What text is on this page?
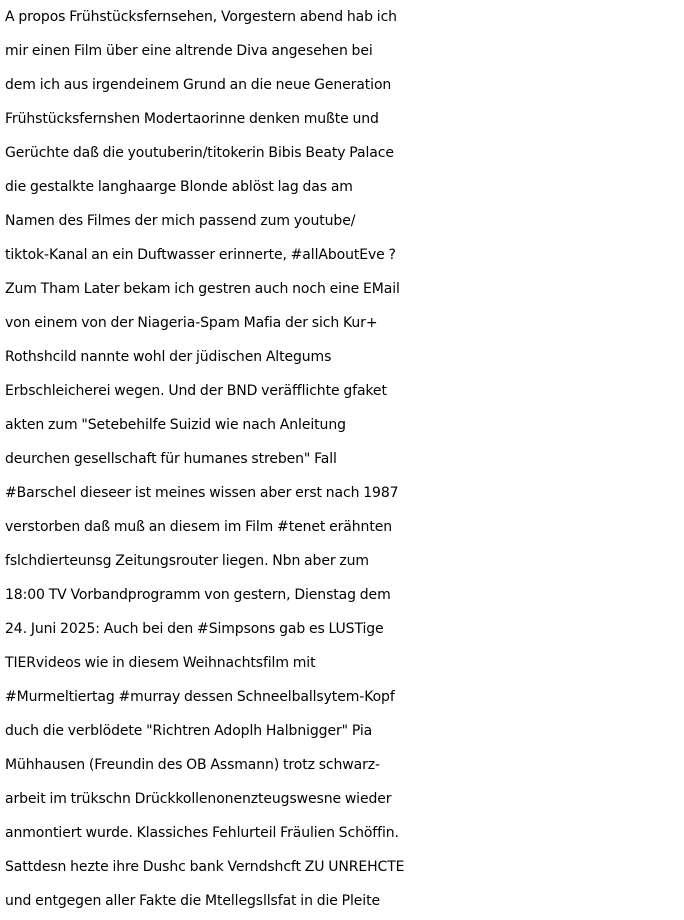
A propos Frühstücksfernsehen, Vorgestern abend hab ich
mir einen Film über eine altrende Diva angesehen bei
dem ich aus irgendeinem Grund an die neue Generation
Frühstücksfernshen Modertaorinne denken mußte und
Gerüchte daß die youtuberin/titokerin Bibis Beaty Palace
die gestalkte langhaarge Blonde ablöst lag das am
Namen des Filmes der mich passend zum youtube/
tiktok-Kanal an ein Duftwasser erinnerte, #allAboutEve ?
Zum Tham Later bekam ich gestren auch noch eine EMail
von einem von der Niageria-Spam Mafia der sich Kur+
Rothshcild nannte wohl der jüdischen Altegums
Erbschleicherei wegen. Und der BND veräfflichte gfaket
akten zum "Setebehilfe Suizid wie nach Anleitung
deurchen gesellschaft für humanes streben" Fall
#Barschel dieseer ist meines wissen aber erst nach 1987
verstorben daß muß an diesem im Film #tenet erähnten
fslchdierteunsg Zeitungsrouter liegen. Nbn aber zum
18:00 TV Vorbandprogramm von gestern, Dienstag dem
24. Juni 2025: Auch bei den #Simpsons gab es LUSTige
TIERvideos wie in diesem Weihnachtsfilm mit
#Murmeltiertag #murray dessen Schneelballsytem-Kopf
duch die verblödete "Richtren Adoplh Halbnigger" Pia
Mühhausen (Freundin des OB Assmann) trotz schwarz-
arbeit im trükschn Drückkollenonenzteugswesne wieder
anmontiert wurde. Klassiches Fehlurteil Fräulien Schöffin.
Sattdesn hezte ihre Dushc bank Verndshcft ZU UNREHCTE
und entgegen aller Fakte die Mtellegsllsfat in die Pleite
